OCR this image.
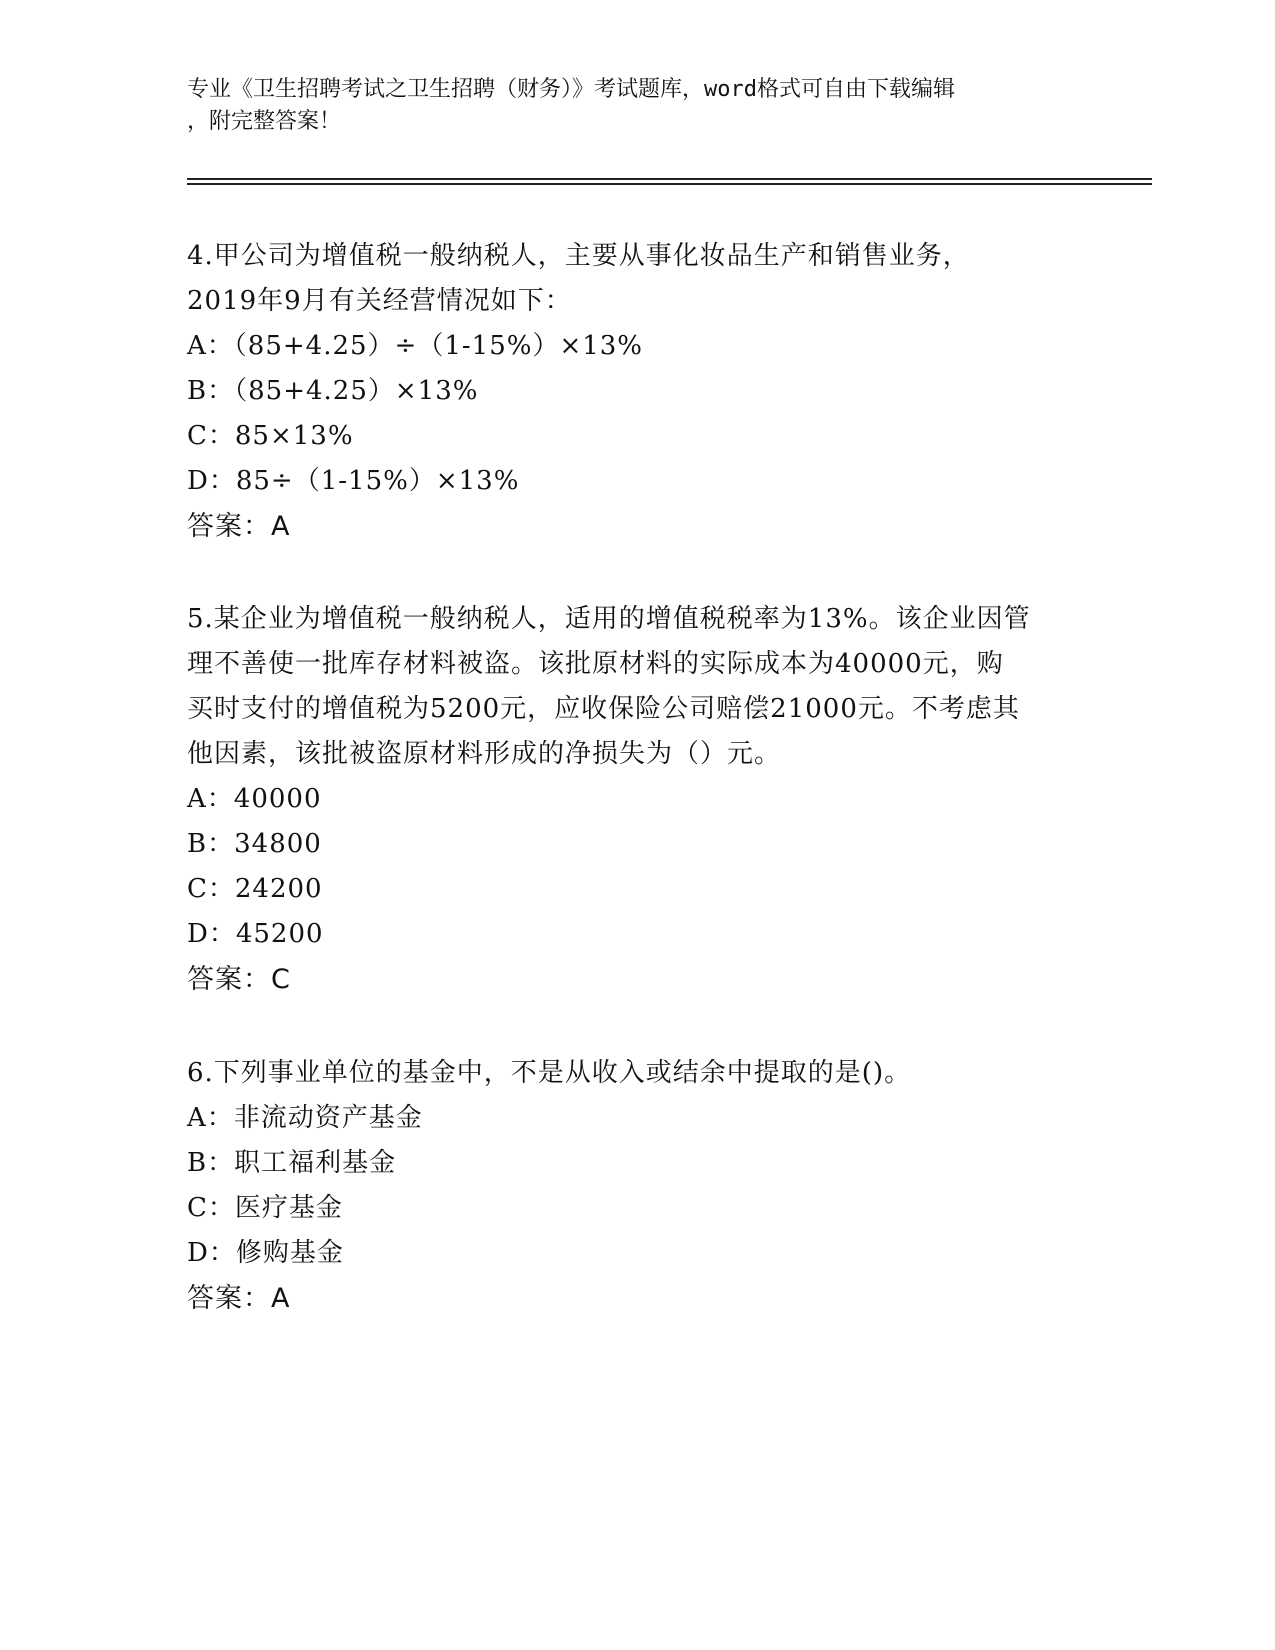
专业《卫生招聘考试之卫生招聘（财务）》考试题库，word格式可自由下载编辑
，附完整答案！
4.甲公司为增值税一般纳税人，主要从事化妆品生产和销售业务，
2019年9月有关经营情况如下：
A：（85+4.25）÷（1-15%）×13%
B：（85+4.25）×13%
C：85×13%
D：85÷（1-15%）×13%
答案：A
5.某企业为增值税一般纳税人，适用的增值税税率为13%。该企业因管
理不善使一批库存材料被盗。该批原材料的实际成本为40000元，购
买时支付的增值税为5200元，应收保险公司赔偿21000元。不考虑其
他因素，该批被盗原材料形成的净损失为（）元。
A：40000
B：34800
C：24200
D：45200
答案：C
6.下列事业单位的基金中，不是从收入或结余中提取的是()。
A：非流动资产基金
B：职工福利基金
C：医疗基金
D：修购基金
答案：A
